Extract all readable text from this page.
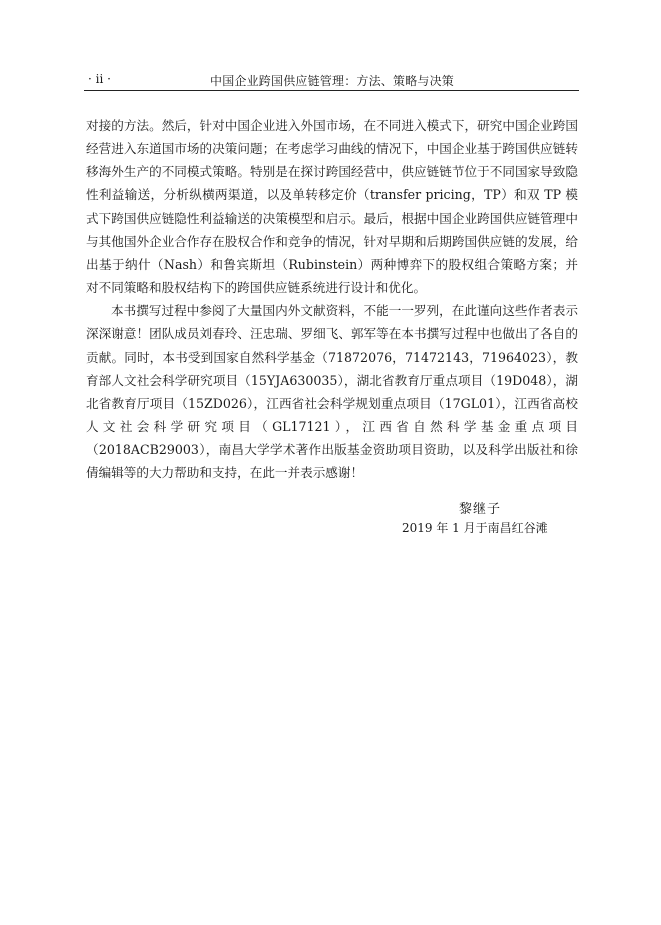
· ii ·	中国企业跨国供应链管理：方法、策略与决策

对接的方法。然后，针对中国企业进入外国市场，在不同进入模式下，研究中国企业跨国经营进入东道国市场的决策问题；在考虑学习曲线的情况下，中国企业基于跨国供应链转移海外生产的不同模式策略。特别是在探讨跨国经营中，供应链链节位于不同国家导致隐性利益输送，分析纵横两渠道，以及单转移定价（transfer pricing，TP）和双 TP 模式下跨国供应链隐性利益输送的决策模型和启示。最后，根据中国企业跨国供应链管理中与其他国外企业合作存在股权合作和竞争的情况，针对早期和后期跨国供应链的发展，给出基于纳什（Nash）和鲁宾斯坦（Rubinstein）两种博弈下的股权组合策略方案；并对不同策略和股权结构下的跨国供应链系统进行设计和优化。

本书撰写过程中参阅了大量国内外文献资料，不能一一罗列，在此谨向这些作者表示深深谢意！团队成员刘春玲、汪忠瑞、罗细飞、郭军等在本书撰写过程中也做出了各自的贡献。同时，本书受到国家自然科学基金（71872076，71472143，71964023），教育部人文社会科学研究项目（15YJA630035），湖北省教育厅重点项目（19D048），湖北省教育厅项目（15ZD026），江西省社会科学规划重点项目（17GL01），江西省高校人文社会科学研究项目（GL17121），江西省自然科学基金重点项目（2018ACB29003），南昌大学学术著作出版基金资助项目资助，以及科学出版社和徐倩编辑等的大力帮助和支持，在此一并表示感谢！

黎继子
2019 年 1 月于南昌红谷滩
